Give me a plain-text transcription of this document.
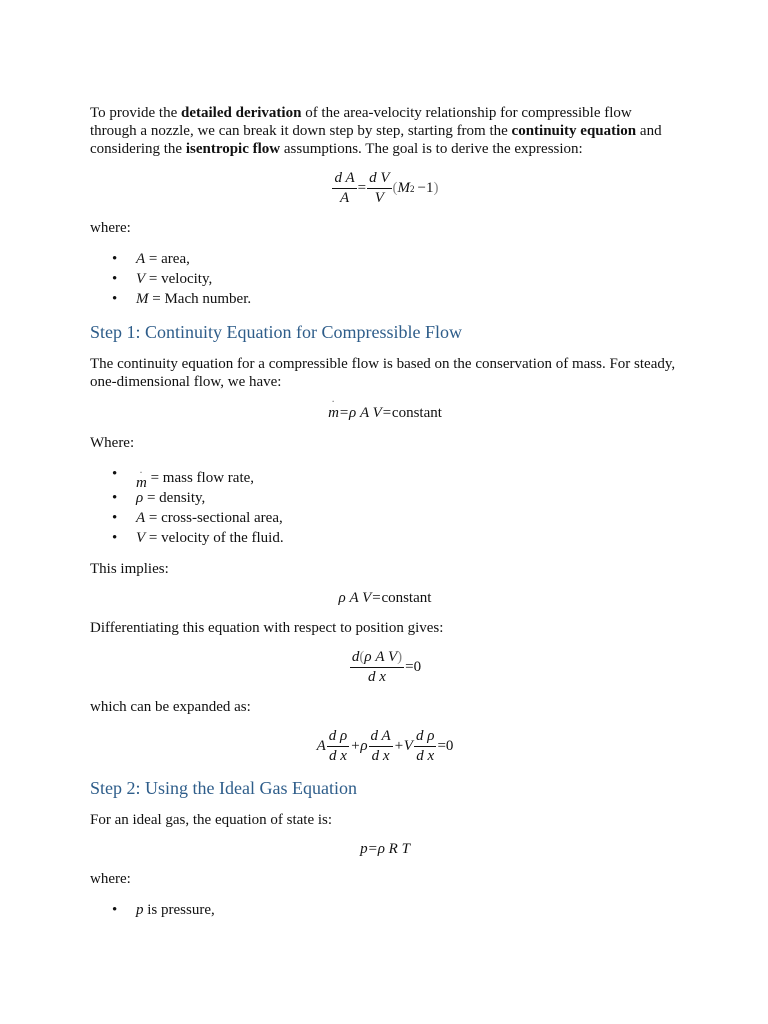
To provide the detailed derivation of the area-velocity relationship for compressible flow through a nozzle, we can break it down step by step, starting from the continuity equation and considering the isentropic flow assumptions. The goal is to derive the expression:

$\frac{\text{d A}}{A} = \frac{\text{d V}}{V}$ ( M 2 −1 )

where:

• A = area,
• V = velocity,
• M = Mach number.
Step 1: Continuity Equation for Compressible Flow

The continuity equation for a compressible flow is based on the conservation of mass. For steady, one-dimensional flow, we have:

· m =ρ A V= constant

Where:

• · m = mass flow rate,
• ρ = density,
• A = cross-sectional area,
• V = velocity of the fluid.

This implies:

ρ A V= constant

Differentiating this equation with respect to position gives:

$\frac{\text{d(ρ A V)}}{\text{d x}} =0$

which can be expanded as:

A $\frac{\text{d ρ}}{\text{d x}} +\rho \frac{\text{d A}}{\text{d x}} +V \frac{\text{d ρ}}{\text{d x}} =0$
Step 2: Using the Ideal Gas Equation

For an ideal gas, the equation of state is:

p=ρ R T

where:

• p is pressure,
